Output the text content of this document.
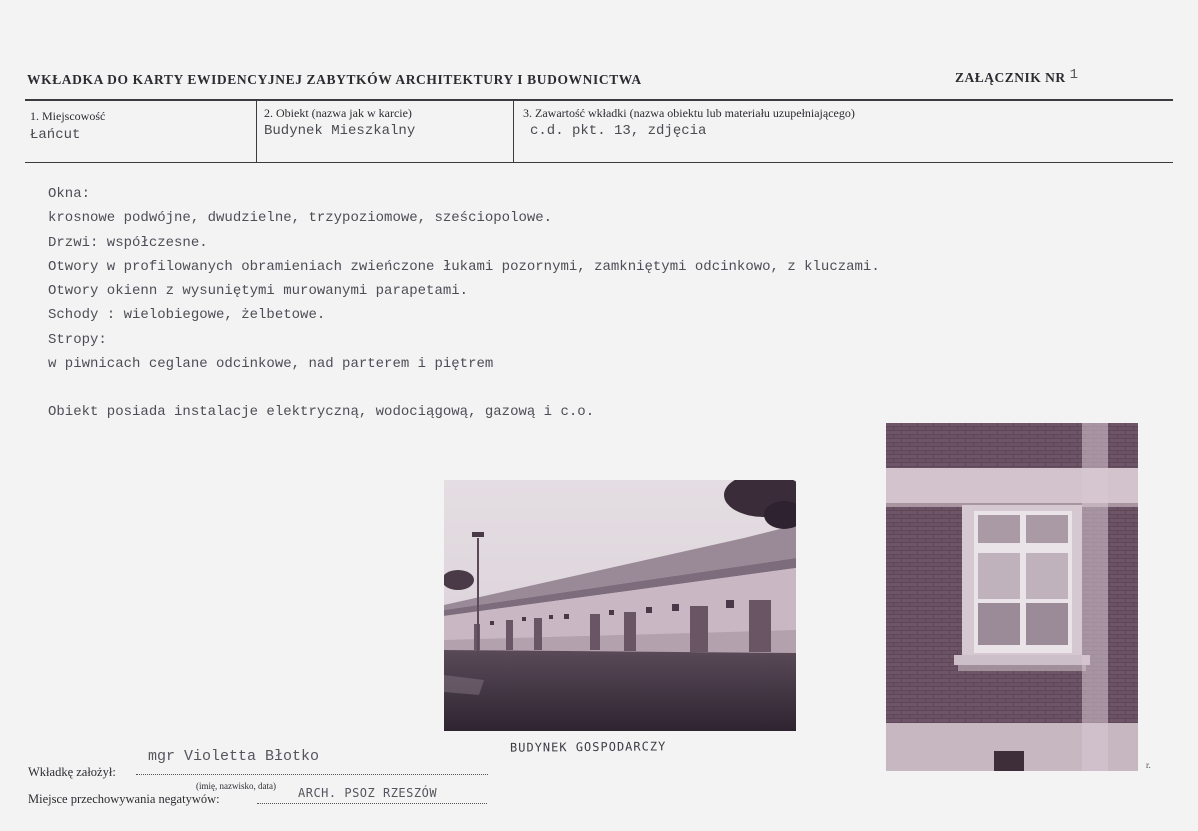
WKŁADKA DO KARTY EWIDENCYJNEJ ZABYTKÓW ARCHITEKTURY I BUDOWNICTWA	ZAŁĄCZNIK NR 1
1. Miejscowość
Łańcut
2. Obiekt (nazwa jak w karcie)
Budynek Mieszkalny
3. Zawartość wkładki (nazwa obiektu lub materiału uzupełniającego)
c.d. pkt. 13, zdjęcia
Okna:
krosnowe podwójne, dwudzielne, trzypoziomowe, sześciopolowe.
Drzwi: współczesne.
Otwory w profilowanych obramieniach zwieńczone łukami pozornymi, zamkniętymi odcinkowo, z kluczami.
Otwory okienn z wysuniętymi murowanymi parapetami.
Schody : wielobiegowe, żelbetowe.
Stropy:
w piwnicach ceglane odcinkowe, nad parterem i piętrem
Obiekt posiada instalacje elektryczną, wodociągową, gazową i c.o.
BUDYNEK GOSPODARCZY
mgr Violetta Błotko
Wkładkę założył:
(imię, nazwisko, data)
Miejsce przechowywania negatywów:	ARCH. PSOZ RZESZÓW
r.
